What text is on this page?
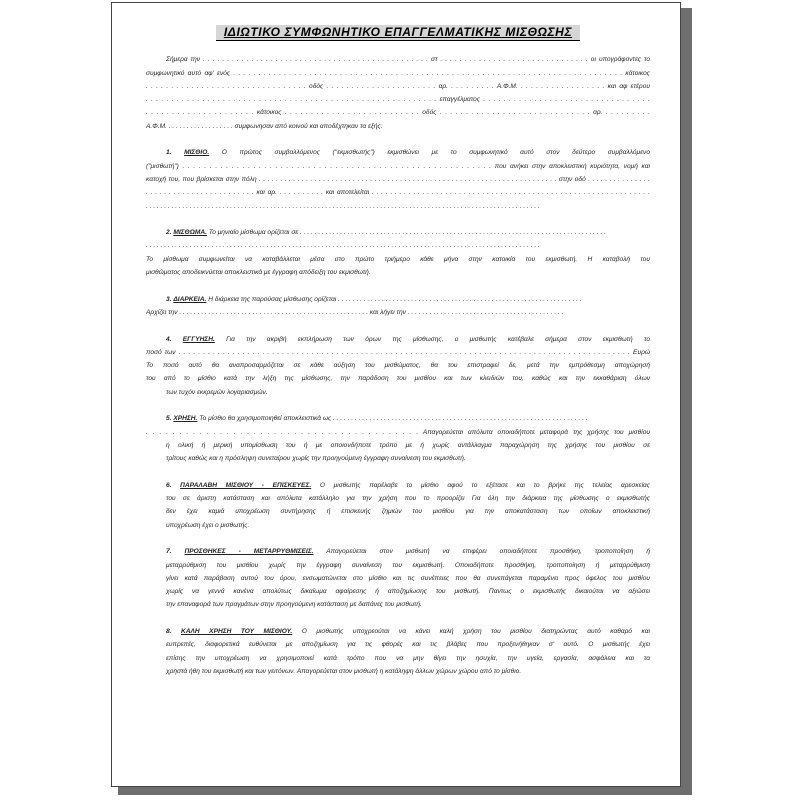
ΙΔΙΩΤΙΚΟ ΣΥΜΦΩΝΗΤΙΚΟ ΕΠΑΓΓΕΛΜΑΤΙΚΗΣ ΜΙΣΘΩΣΗΣ
Σήμερα την . . . . . . . . . . . . . . . . . . . . . . . . . . . . . . . . . . . . . . . . . . . . . . . στ . . . . . . . . . . . . . . . . . . . . . . . . . . . . . . . οι υπογράφοντες το
συμφωνητικό αυτό αφ' ενός . . . . . . . . . . . . . . . . . . . . . . . . . . . . . . . . . . . . . . . . . . . . . . . . . . . . . . . . . . . . . . . . . . . . . . . . . . . . . κάτοικος
. . . . . . . . . . . . . . . . . . . . . . . . . . . . . . . . οδός . . . . . . . . . . . . . . . . . . . . . . αρ. . . . . . . . . . Α.Φ.Μ. . . . . . . . . . . . . . . . . . και αφ ετέρου
. . . . . . . . . . . . . . . . . . . . . . . . . . . . . . . . . . . . . . . . . . . . . . . . . . . . . . . . . επαγγέλματος . . . . . . . . . . . . . . . . . . . . . . . . . . . . . . . . .
. . . . . . . . . . . . . . . . . . . . . κάτοικος . . . . . . . . . . . . . . . . . . . . . . . . . . οδός . . . . . . . . . . . . . . . . . . . . . . . . . . . . . αρ. . . . . . . . . .
Α.Φ.Μ. . . . . . . . . . . . . . . . . . . συμφωνησαν από κοινού και αποδέχτηκαν τα εξής:
1. ΜΙΣΘΙΟ. Ο πρώτος συμβαλλόμενος ("εκμισθωτής") εκμισθώνει με το συμφωνητικό αυτό στον δεύτερο συμβαλλόμενο
("μισθωτή") . . . . . . . . . . . . . . . . . . . . . . . . . . . . . . . . . . . . . . . . . . . . . . . . . . . . . . . . . που ανήκει στην αποκλειστική κυριότητα, νομή και
κατοχή του, που βρίσκεται στην πόλη . . . . . . . . . . . . . . . . . . . . . . . . . . . . . . . . . . . . . . . . . . . . . . . . . . . . . . . . . . . . . . . . . . . . . . στην οδό . . . . . . . . . . . . . . .
. . . . . . . . . . . . . . . . . . . . . . . . και αρ. . . . . . . . . . . και αποτελείται . . . . . . . . . . . . . . . . . . . . . . . . . . . . . . . . . . . . . . . . . . . . . . . . . . . . . . . . . . . . .
. . . . . . . . . . . . . . . . . . . . . . . . . . . . . . . . . . . . . . . . . . . . . . . . . . . . . . . . . . . . . . . . . . . . . . . . . . . . . . . . . . . . . . . . . . . . . . . . . . . . . . . . . . . .
2. ΜΙΣΘΩΜΑ. Το μηνιαίο μίσθωμα ορίζεται σε . . . . . . . . . . . . . . . . . . . . . . . . . . . . . . . . . . . . . . . . . . . . . . . . . . . . . . . . . . . . . . . . . . . . . . . . . . . . . . . . . . . .
. . . . . . . . . . . . . . . . . . . . . . . . . . . . . . . . . . . . . . . . . . . . . . . . . . . . . . . . . . . . . . . . . . . . . . . . . . . . . . . . . . . . . . . . . . . . . . . . . . . . . . . . . . . .
Το μίσθωμα συμφωνείται να καταβάλλεται μέσα στο πρώτο τριήμερο κάθε μήνα στην κατοικία του εκμισθωτή. Η καταβολή του
μισθώματος αποδεικνύεται αποκλειστικά με έγγραφη απόδειξη του εκμισθωτή.
3. ΔΙΑΡΚΕΙΑ. Η διάρκεια της παρούσας μίσθωσης ορίζεται . . . . . . . . . . . . . . . . . . . . . . . . . . . . . . . . . . . . . . . . . . . . . . . . . . . . . . . . . . . . . . . . . . .
Αρχίζει την . . . . . . . . . . . . . . . . . . . . . . . . . . . . . . . . . . . . . . . . . . . . . . . . . . . . και λήγει την . . . . . . . . . . . . . . . . . . . . . . . . . . . . . . . . . . . . . . . . . . .
4. ΕΓΓΥΗΣΗ. Για την ακριβή εκπλήρωση των όρων της μίσθωσης, ο μισθωτής κατέβαλε σήμερα στον εκμισθωτή το
ποσό των . . . . . . . . . . . . . . . . . . . . . . . . . . . . . . . . . . . . . . . . . . . . . . . . . . . . . . . . . . . . . . . . . . . . . . . . . . . . . . . . . . . . . . . . . . . . Ευρώ
Το ποσό αυτό θα αναπροσαρμόζεται σε κάθε αύξηση του μισθώματος, θα του επιστραφεί δε, μετά την εμπρόθεσμη αποχώρησή
του από το μίσθιο κατά την λήξη της μίσθωσης, την παράδοση του μισθίου και των κλειδιών του, καθώς και την εκκαθάριση όλων
των τυχόν εκκρεμών λογαριασμών.
5. ΧΡΗΣΗ. Το μίσθιο θα χρησιμοποιηθεί αποκλειστικά ως . . . . . . . . . . . . . . . . . . . . . . . . . . . . . . . . . . . . . . . . . . . . . . . . . . . . . . . . . . . . . . . . . . . . . .
. . . . . . . . . . . . . . . . . . . . . . . . . . . . . . . . . . . . . . . . . Απαγορεύεται απόλυτα οποιαδήποτε μεταφορά της χρήσης του μισθίου
η ολική ή μερική υπομίσθωση του ή με οποιονδήποτε τρόπο με ή χωρίς αντάλλαγμα παραχώρηση της χρήσης του μισθίου σε
τρίτους καθώς και η πρόσληψη συνεταίρου χωρίς την προηγούμενη έγγραφη συναίνεση του εκμισθωτή.
6. ΠΑΡΑΛΑΒΗ ΜΙΣΘΙΟΥ - ΕΠΙΣΚΕΥΕΣ. Ο μισθωτής παρέλαβε το μίσθιο αφού το εξέτασε και το βρήκε της τελείας αρεσκείας
του σε άριστη κατάσταση και απόλυτα κατάλληλο για την χρήση που το προορίζει Για όλη την διάρκεια της μίσθωσης ο εκμισθωτής
δεν έχει καμιά υποχρέωση συντήρησης ή επισκευής ζημιών του μισθίου για την αποκατάσταση των οποίων αποκλειστική
υποχρέωση έχει ο μισθωτής.
7. ΠΡΟΣΘΗΚΕΣ - ΜΕΤΑΡΡΥΘΜΙΣΕΙΣ. Απαγορεύεται στον μισθωτή να επιφέρει οποιαδήποτε προσθήκη, τροποποίηση ή
μεταρρύθμιση του μισθίου χωρίς την έγγραφη συναίνεση του εκμισθωτή. Οποιαδήποτε προσθήκη, τροποποίηση ή μεταρρύθμιση
γίνει κατά παράβαση αυτού του όρου, ενσωματώνεται στο μίσθιο και τις συνέπειες που θα συνεπάγεται παραμένει προς όφελος του μισθίου
χωρίς να γεννά κανένα απολύτως δικαίωμα αφαίρεσης ή αποζημίωσης του μισθωτή. Παντως ο εκμισθωτής δικαιούται να αξιώσει
την επαναφορά των πραγμάτων στην προηγούμενη κατάσταση με δαπάνες του μισθωτή.
8. ΚΑΛΗ ΧΡΗΣΗ ΤΟΥ ΜΙΣΘΙΟΥ. Ο μισθωτής υποχρεούται να κάνει καλή χρήση του μισθίου διατηρώντας αυτό καθαρό και
ευπρεπές, διαφορετικά ευθύνεται με αποζημίωση για τις φθορές και τις βλάβες που προξενήθηκαν σ' αυτό. Ο μισθωτής έχει
επίσης την υποχρέωση να χρησιμοποιεί κατά τρόπο που να μην θίγει την ησυχία, την υγεία, εργασία, ασφάλεια και τα
χρηστά ήθη του εκμισθωτή και των γειτόνων. Απαγορεύεται στον μισθωτή η κατάληψη άλλων χώρων χώρου από το μίσθιο.
